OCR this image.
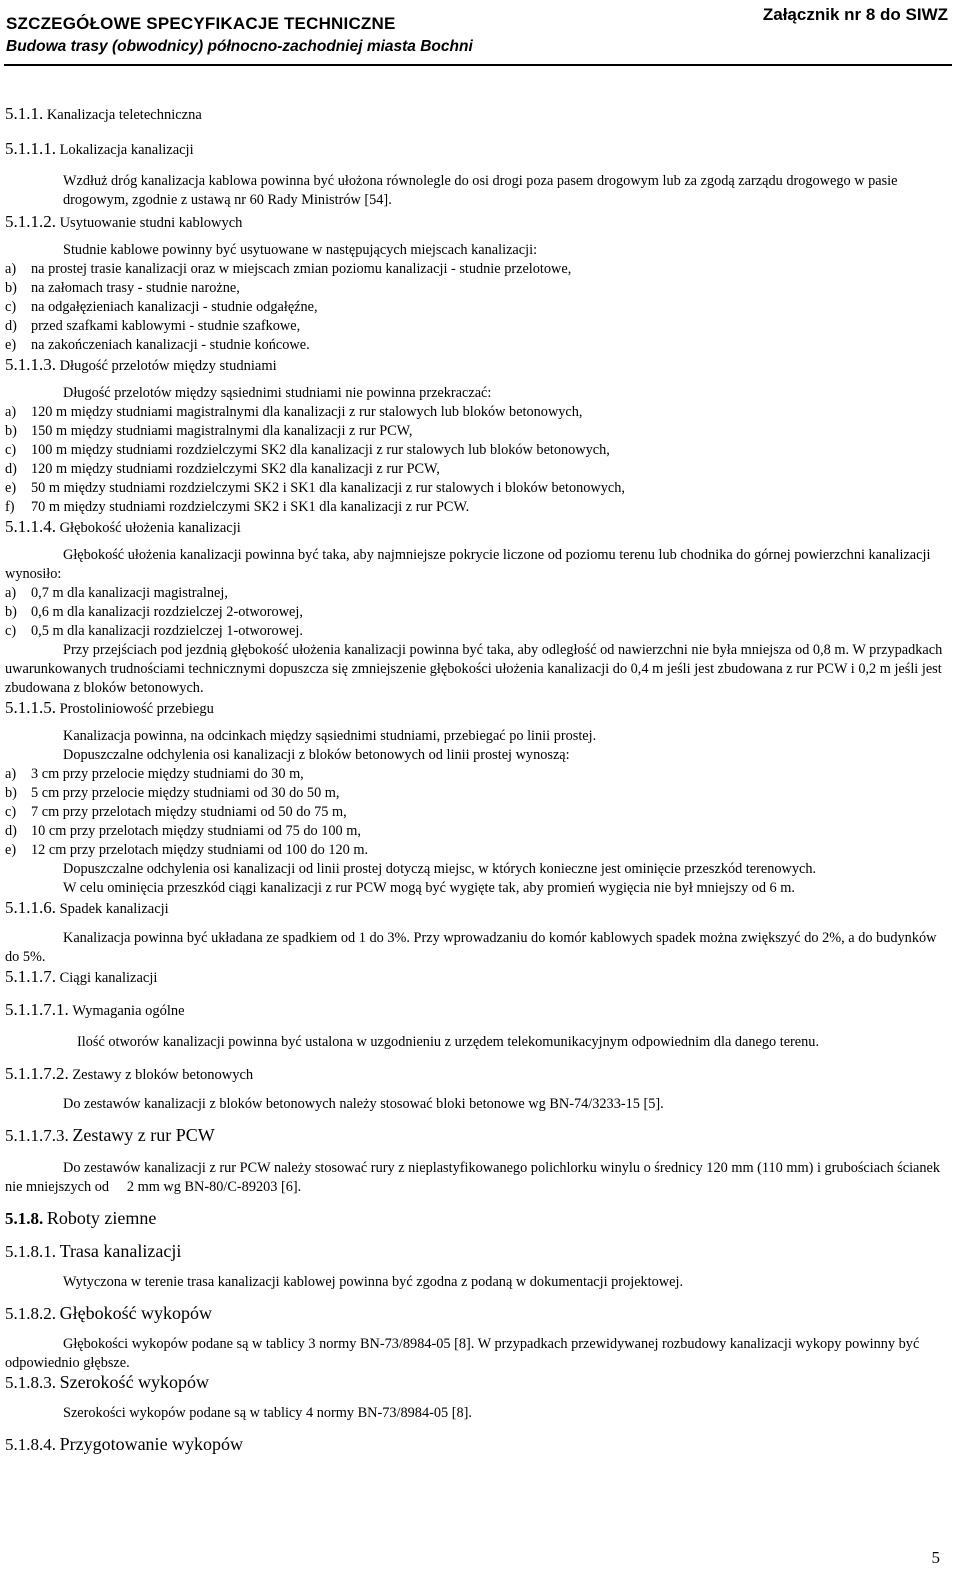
SZCZEGÓŁOWE SPECYFIKACJE TECHNICZNE
Budowa trasy (obwodnicy) północno-zachodniej miasta Bochni
Załącznik nr 8 do SIWZ
5.1.1. Kanalizacja teletechniczna
5.1.1.1. Lokalizacja kanalizacji

Wzdłuż dróg kanalizacja kablowa powinna być ułożona równolegle do osi drogi poza pasem drogowym lub za zgodą zarządu drogowego w pasie drogowym, zgodnie z ustawą nr 60 Rady Ministrów [54].

5.1.1.2. Usytuowanie studni kablowych

Studnie kablowe powinny być usytuowane w następujących miejscach kanalizacji:

a)	na prostej trasie kanalizacji oraz w miejscach zmian poziomu kanalizacji - studnie przelotowe,
b) na załomach trasy - studnie narożne,
c)	na odgałęzieniach kanalizacji - studnie odgałęźne,
d) przed szafkami kablowymi - studnie szafkowe,
e)	na zakończeniach kanalizacji - studnie końcowe.
5.1.1.3. Długość przelotów między studniami

Długość przelotów między sąsiednimi studniami nie powinna przekraczać:

a)	120 m między studniami magistralnymi dla kanalizacji z rur stalowych lub bloków betonowych,
b) 150 m między studniami magistralnymi dla kanalizacji z rur PCW,
c)	100 m między studniami rozdzielczymi SK2 dla kanalizacji z rur stalowych lub bloków betonowych,
d) 120 m między studniami rozdzielczymi SK2 dla kanalizacji z rur PCW,
e)	50 m między studniami rozdzielczymi SK2 i SK1 dla kanalizacji z rur stalowych i bloków betonowych,
f)	70 m między studniami rozdzielczymi SK2 i SK1 dla kanalizacji z rur PCW.
5.1.1.4. Głębokość ułożenia kanalizacji

Głębokość ułożenia kanalizacji powinna być taka, aby najmniejsze pokrycie liczone od poziomu terenu lub chodnika do górnej powierzchni kanalizacji wynosiło:

a)	0,7 m dla kanalizacji magistralnej,
b) 0,6 m dla kanalizacji rozdzielczej 2-otworowej,
c)	0,5 m dla kanalizacji rozdzielczej 1-otworowej.

Przy przejściach pod jezdnią głębokość ułożenia kanalizacji powinna być taka, aby odległość od nawierzchni nie była mniejsza od 0,8 m. W przypadkach uwarunkowanych trudnościami technicznymi dopuszcza się zmniejszenie głębokości ułożenia kanalizacji do 0,4 m jeśli jest zbudowana z rur PCW i 0,2 m jeśli jest zbudowana z bloków betonowych.

5.1.1.5. Prostoliniowość przebiegu

Kanalizacja powinna, na odcinkach między sąsiednimi studniami, przebiegać po linii prostej.

Dopuszczalne odchylenia osi kanalizacji z bloków betonowych od linii prostej wynoszą:

a)	3 cm przy przelocie między studniami do 30 m,
b) 5 cm przy przelocie między studniami od 30 do 50 m,
c)	7 cm przy przelotach między studniami od 50 do 75 m,
d) 10 cm przy przelotach między studniami od 75 do 100 m,
e)	12 cm przy przelotach między studniami od 100 do 120 m.

Dopuszczalne odchylenia osi kanalizacji od linii prostej dotyczą miejsc, w których konieczne jest ominięcie przeszkód terenowych.

W celu ominięcia przeszkód ciągi kanalizacji z rur PCW mogą być wygięte tak, aby promień wygięcia nie był mniejszy od 6 m.

5.1.1.6. Spadek kanalizacji

Kanalizacja powinna być układana ze spadkiem od 1 do 3%. Przy wprowadzaniu do komór kablowych spadek można zwiększyć do 2%, a do budynków do 5%.

5.1.1.7. Ciągi kanalizacji
5.1.1.7.1. Wymagania ogólne

Ilość otworów kanalizacji powinna być ustalona w uzgodnieniu z urzędem telekomunikacyjnym odpowiednim dla danego terenu.

5.1.1.7.2. Zestawy z bloków betonowych

Do zestawów kanalizacji z bloków betonowych należy stosować bloki betonowe wg BN-74/3233-15 [5].

5.1.1.7.3. Zestawy z rur PCW

Do zestawów kanalizacji z rur PCW należy stosować rury z nieplastyfikowanego polichlorku winylu o średnicy 120 mm (110 mm) i grubościach ścianek nie mniejszych od     2 mm wg BN-80/C-89203 [6].

5.1.8. Roboty ziemne
5.1.8.1. Trasa kanalizacji

Wytyczona w terenie trasa kanalizacji kablowej powinna być zgodna z podaną w dokumentacji projektowej.

5.1.8.2. Głębokość wykopów

Głębokości wykopów podane są w tablicy 3 normy BN-73/8984-05 [8]. W przypadkach przewidywanej rozbudowy kanalizacji wykopy powinny być odpowiednio głębsze.

5.1.8.3. Szerokość wykopów

Szerokości wykopów podane są w tablicy 4 normy BN-73/8984-05 [8].

5.1.8.4. Przygotowanie wykopów
5
